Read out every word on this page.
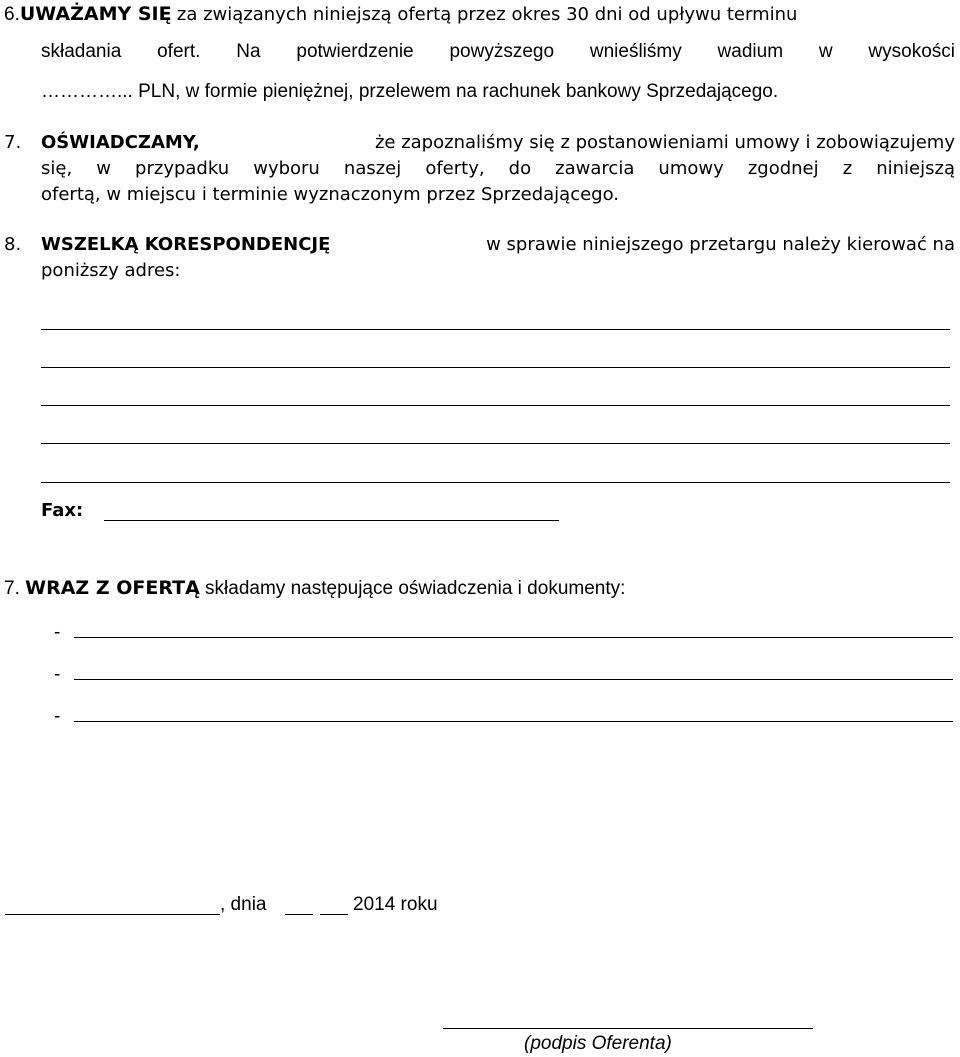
6.UWAŻAMY SIĘ za związanych niniejszą ofertą przez okres 30 dni od upływu terminu
składania ofert. Na potwierdzenie powyższego wnieśliśmy wadium w wysokości
…………... PLN, w formie pieniężnej, przelewem na rachunek bankowy Sprzedającego.
7. OŚWIADCZAMY,	że zapoznaliśmy się z postanowieniami umowy i zobowiązujemy
się, w przypadku wyboru naszej oferty, do zawarcia umowy zgodnej z niniejszą
ofertą, w miejscu i terminie wyznaczonym przez Sprzedającego.
8. WSZELKĄ KORESPONDENCJĘ	w sprawie niniejszego przetargu należy kierować na
poniższy adres:
Fax:
7. WRAZ Z OFERTĄ składamy następujące oświadczenia i dokumenty:
-
-
-
, dnia	2014 roku
(podpis Oferenta)
